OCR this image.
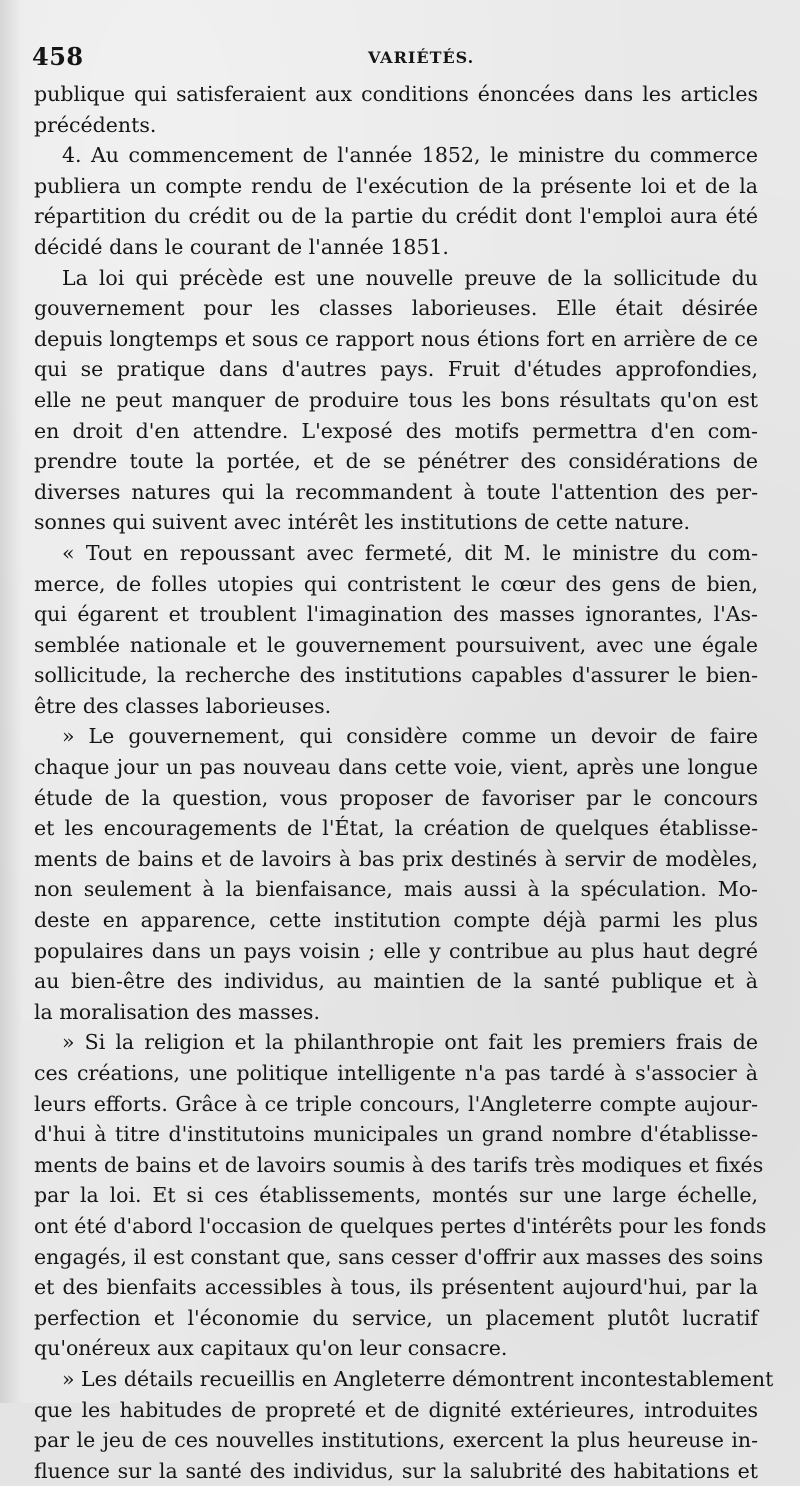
458	VARIÉTÉS.
publique qui satisferaient aux conditions énoncées dans les articles
précédents.
4. Au commencement de l'année 1852, le ministre du commerce
publiera un compte rendu de l'exécution de la présente loi et de la
répartition du crédit ou de la partie du crédit dont l'emploi aura été
décidé dans le courant de l'année 1851.
La loi qui précède est une nouvelle preuve de la sollicitude du
gouvernement pour les classes laborieuses. Elle était désirée
depuis longtemps et sous ce rapport nous étions fort en arrière de ce
qui se pratique dans d'autres pays. Fruit d'études approfondies,
elle ne peut manquer de produire tous les bons résultats qu'on est
en droit d'en attendre. L'exposé des motifs permettra d'en com-
prendre toute la portée, et de se pénétrer des considérations de
diverses natures qui la recommandent à toute l'attention des per-
sonnes qui suivent avec intérêt les institutions de cette nature.
« Tout en repoussant avec fermeté, dit M. le ministre du com-
merce, de folles utopies qui contristent le cœur des gens de bien,
qui égarent et troublent l'imagination des masses ignorantes, l'As-
semblée nationale et le gouvernement poursuivent, avec une égale
sollicitude, la recherche des institutions capables d'assurer le bien-
être des classes laborieuses.
» Le gouvernement, qui considère comme un devoir de faire
chaque jour un pas nouveau dans cette voie, vient, après une longue
étude de la question, vous proposer de favoriser par le concours
et les encouragements de l'État, la création de quelques établisse-
ments de bains et de lavoirs à bas prix destinés à servir de modèles,
non seulement à la bienfaisance, mais aussi à la spéculation. Mo-
deste en apparence, cette institution compte déjà parmi les plus
populaires dans un pays voisin ; elle y contribue au plus haut degré
au bien-être des individus, au maintien de la santé publique et à
la moralisation des masses.
» Si la religion et la philanthropie ont fait les premiers frais de
ces créations, une politique intelligente n'a pas tardé à s'associer à
leurs efforts. Grâce à ce triple concours, l'Angleterre compte aujour-
d'hui à titre d'institutoins municipales un grand nombre d'établisse-
ments de bains et de lavoirs soumis à des tarifs très modiques et fixés
par la loi. Et si ces établissements, montés sur une large échelle,
ont été d'abord l'occasion de quelques pertes d'intérêts pour les fonds
engagés, il est constant que, sans cesser d'offrir aux masses des soins
et des bienfaits accessibles à tous, ils présentent aujourd'hui, par la
perfection et l'économie du service, un placement plutôt lucratif
qu'onéreux aux capitaux qu'on leur consacre.
» Les détails recueillis en Angleterre démontrent incontestablement
que les habitudes de propreté et de dignité extérieures, introduites
par le jeu de ces nouvelles institutions, exercent la plus heureuse in-
fluence sur la santé des individus, sur la salubrité des habitations et
